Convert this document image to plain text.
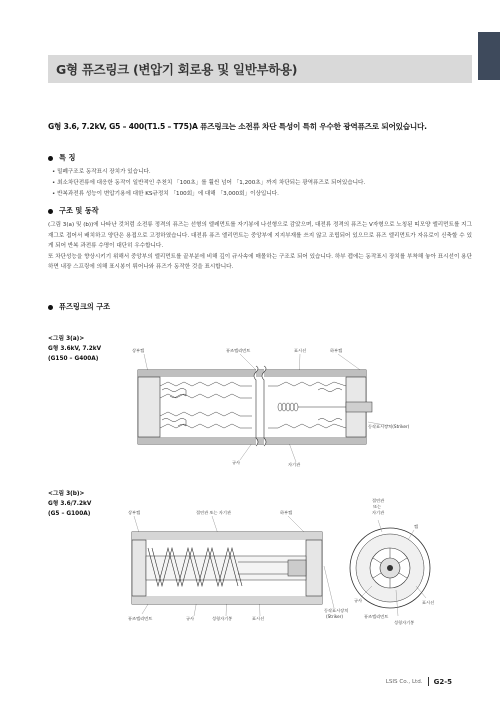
G형 퓨즈링크 (변압기 회로용 및 일반부하용)
G형 3.6, 7.2kV, G5 – 400(T1.5 – T75)A 퓨즈링크는 소전류 차단 특성이 특히 우수한 광역퓨즈로 되어있습니다.
특 징
• 밀폐구조로 동작표시 장치가 있습니다.
• 최소차단전류에 대응한 동작이 일반적인 추천치 「100초」를 훨씬 넘어 「1,200초」까지 차단되는 광역퓨즈로 되어있습니다.
• 반복과전류 성능이 변압기용에 대한 KS규정치 「100회」에 대해 「3,000회」이상입니다.
구조 및 동작

(그림 3(a) 및 (b))에 나타난 것처럼 소전류 정격의 퓨즈는 선형의 엘레먼트를 자기봉에 나선형으로 감았으며, 대전류 정격의 퓨즈는 V자형으로 노칭된 띠모양 엘리먼트를 지그재그로 접어서 배치하고 양단은 용접으로 고정하였습니다. 대전류 퓨즈 엘리먼트는 중앙부에 지지부재를 쓰지 않고 조립되어 있으므로 퓨즈 엘리먼트가 자유로이 신축할 수 있게 되어 반복 과전류 수명이 대단히 우수합니다.

또 차단성능을 향상시키기 위해서 중앙부의 엘리먼트를 끝부분에 비해 깊이 규사속에 매몰하는 구조로 되어 있습니다. 하부 캡에는 동작표시 장치를 부착해 놓아 표시선이 용단하면 내장 스프링에 의해 표시봉이 튀어나와 퓨즈가 동작한 것을 표시합니다.

퓨즈링크의 구조
<그림 3(a)>
G형 3.6kV, 7.2kV
(G150 – G400A)
상부캡	퓨즈엘리먼트	표시선	하부캡
동작표시장치(Striker)
규사	자기관
<그림 3(b)>
G형 3.6/7.2kV
(G5 – G100A)	상부캡	절연관 또는 자기관	하부캡
퓨즈엘리먼트	규사	성형자기봉	표시선
동작표시장치
(Striker)
절연관
또는
자기관
캡
규사	표시선
퓨즈엘리먼트
성형자기봉
LSIS Co., Ltd. G2-5
